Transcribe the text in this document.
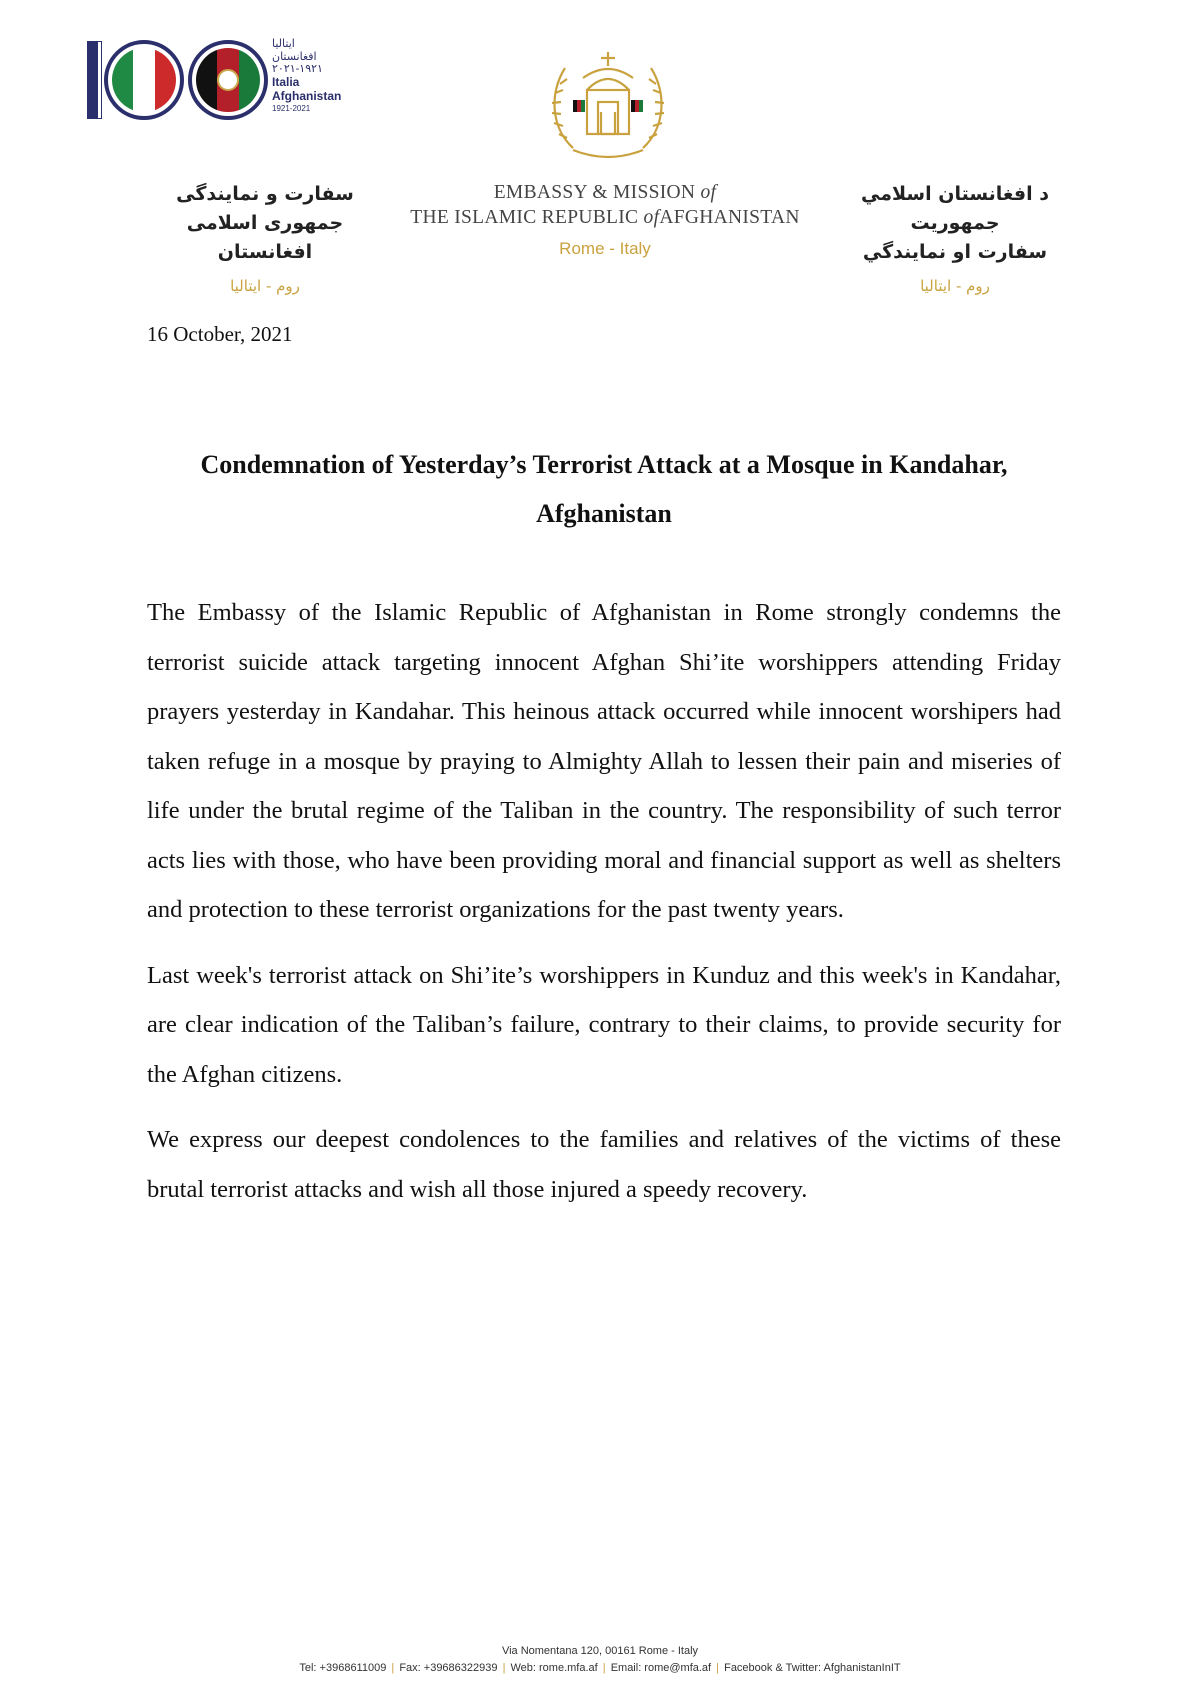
ایتالیا
افغانستان
۲۰۲۱-۱۹۲۱
Italia
Afghanistan
1921-2021
سفارت و نمایندگی
جمهوری اسلامی افغانستان
روم - ایتالیا
EMBASSY & MISSION of
THE ISLAMIC REPUBLIC ofAFGHANISTAN
Rome - Italy
د افغانستان اسلامي جمهوريت
سفارت او نمايندگي
روم - ايتاليا
16 October, 2021
Condemnation of Yesterday’s Terrorist Attack at a Mosque in Kandahar,
Afghanistan

The Embassy of the Islamic Republic of Afghanistan in Rome strongly condemns the terrorist suicide attack targeting innocent Afghan Shi’ite worshippers attending Friday prayers yesterday in Kandahar. This heinous attack occurred while innocent worshipers had taken refuge in a mosque by praying to Almighty Allah to lessen their pain and miseries of life under the brutal regime of the Taliban in the country. The responsibility of such terror acts lies with those, who have been providing moral and financial support as well as shelters and protection to these terrorist organizations for the past twenty years.

Last week's terrorist attack on Shi’ite’s worshippers in Kunduz and this week's in Kandahar, are clear indication of the Taliban’s failure, contrary to their claims, to provide security for the Afghan citizens.

We express our deepest condolences to the families and relatives of the victims of these brutal terrorist attacks and wish all those injured a speedy recovery.

Via Nomentana 120, 00161 Rome - Italy
Tel: +3968611009 | Fax: +39686322939 | Web: rome.mfa.af | Email: rome@mfa.af | Facebook & Twitter: AfghanistanInIT
